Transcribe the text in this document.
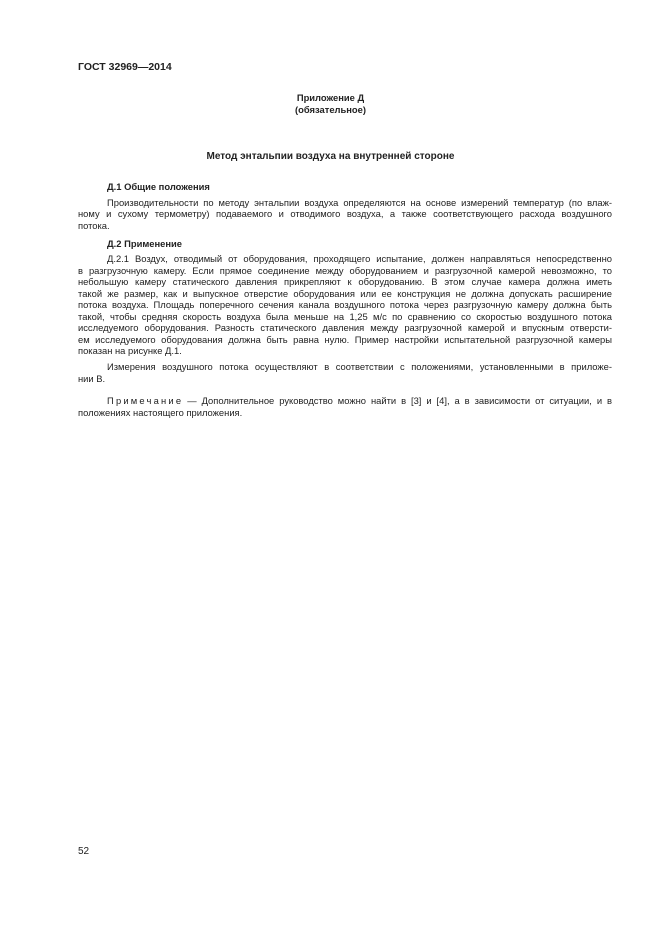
ГОСТ 32969—2014
Приложение Д
(обязательное)
Метод энтальпии воздуха на внутренней стороне
Д.1 Общие положения
Производительности по методу энтальпии воздуха определяются на основе измерений температур (по влаж-
ному и сухому термометру) подаваемого и отводимого воздуха, а также соответствующего расхода воздушного
потока.
Д.2 Применение
Д.2.1 Воздух, отводимый от оборудования, проходящего испытание, должен направляться непосредственно
в разгрузочную камеру. Если прямое соединение между оборудованием и разгрузочной камерой невозможно, то
небольшую камеру статического давления прикрепляют к оборудованию. В этом случае камера должна иметь
такой же размер, как и выпускное отверстие оборудования или ее конструкция не должна допускать расширение
потока воздуха. Площадь поперечного сечения канала воздушного потока через разгрузочную камеру должна быть
такой, чтобы средняя скорость воздуха была меньше на 1,25 м/с по сравнению со скоростью воздушного потока
исследуемого оборудования. Разность статического давления между разгрузочной камерой и впускным отверсти-
ем исследуемого оборудования должна быть равна нулю. Пример настройки испытательной разгрузочной камеры
показан на рисунке Д.1.
Измерения воздушного потока осуществляют в соответствии с положениями, установленными в приложе-
нии В.
Примечание — Дополнительное руководство можно найти в [3] и [4], а в зависимости от ситуации, и в
положениях настоящего приложения.
52
